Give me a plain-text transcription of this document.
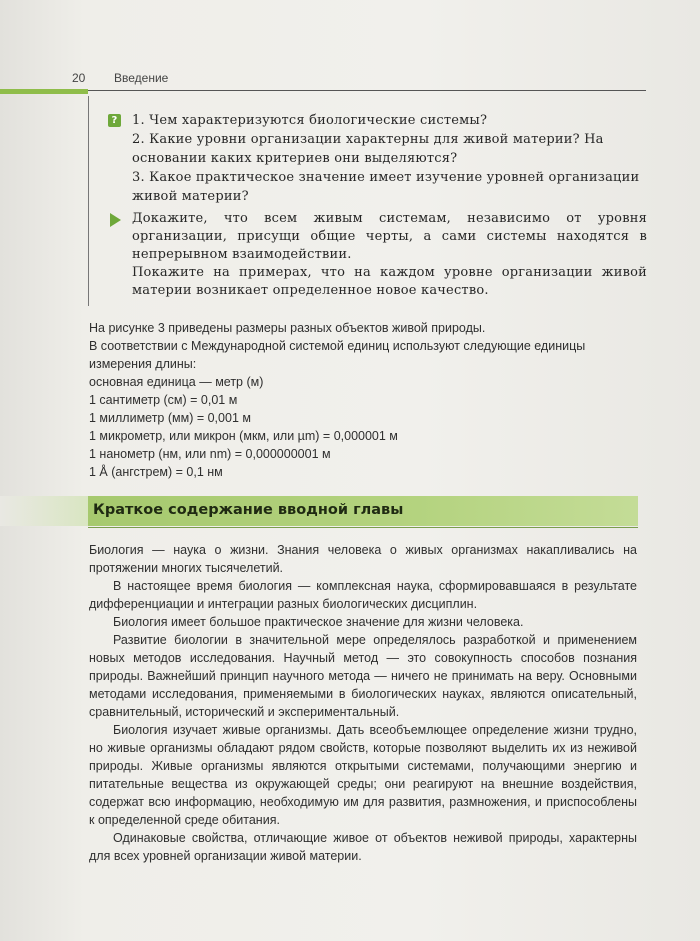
20 Введение
? 1. Чем характеризуются биологические системы?

2. Какие уровни организации характерны для живой материи? На основании каких критериев они выделяются?

3. Какое практическое значение имеет изучение уровней организации живой материи?

Докажите, что всем живым системам, независимо от уровня организации, присущи общие черты, а сами системы находятся в непрерывном взаимодействии.

Покажите на примерах, что на каждом уровне организации живой материи возникает определенное новое качество.

На рисунке 3 приведены размеры разных объектов живой природы.

В соответствии с Международной системой единиц используют следующие единицы измерения длины:

основная единица — метр (м)

1 сантиметр (см) = 0,01 м

1 миллиметр (мм) = 0,001 м

1 микрометр, или микрон (мкм, или µm) = 0,000001 м

1 нанометр (нм, или nm) = 0,000000001 м

1 Å (ангстрем) = 0,1 нм

Краткое содержание вводной главы

Биология — наука о жизни. Знания человека о живых организмах накапливались на протяжении многих тысячелетий.

В настоящее время биология — комплексная наука, сформировавшаяся в результате дифференциации и интеграции разных биологических дисциплин.

Биология имеет большое практическое значение для жизни человека.

Развитие биологии в значительной мере определялось разработкой и применением новых методов исследования. Научный метод — это совокупность способов познания природы. Важнейший принцип научного метода — ничего не принимать на веру. Основными методами исследования, применяемыми в биологических науках, являются описательный, сравнительный, исторический и экспериментальный.

Биология изучает живые организмы. Дать всеобъемлющее определение жизни трудно, но живые организмы обладают рядом свойств, которые позволяют выделить их из неживой природы. Живые организмы являются открытыми системами, получающими энергию и питательные вещества из окружающей среды; они реагируют на внешние воздействия, содержат всю информацию, необходимую им для развития, размножения, и приспособлены к определенной среде обитания.

Одинаковые свойства, отличающие живое от объектов неживой природы, характерны для всех уровней организации живой материи.
